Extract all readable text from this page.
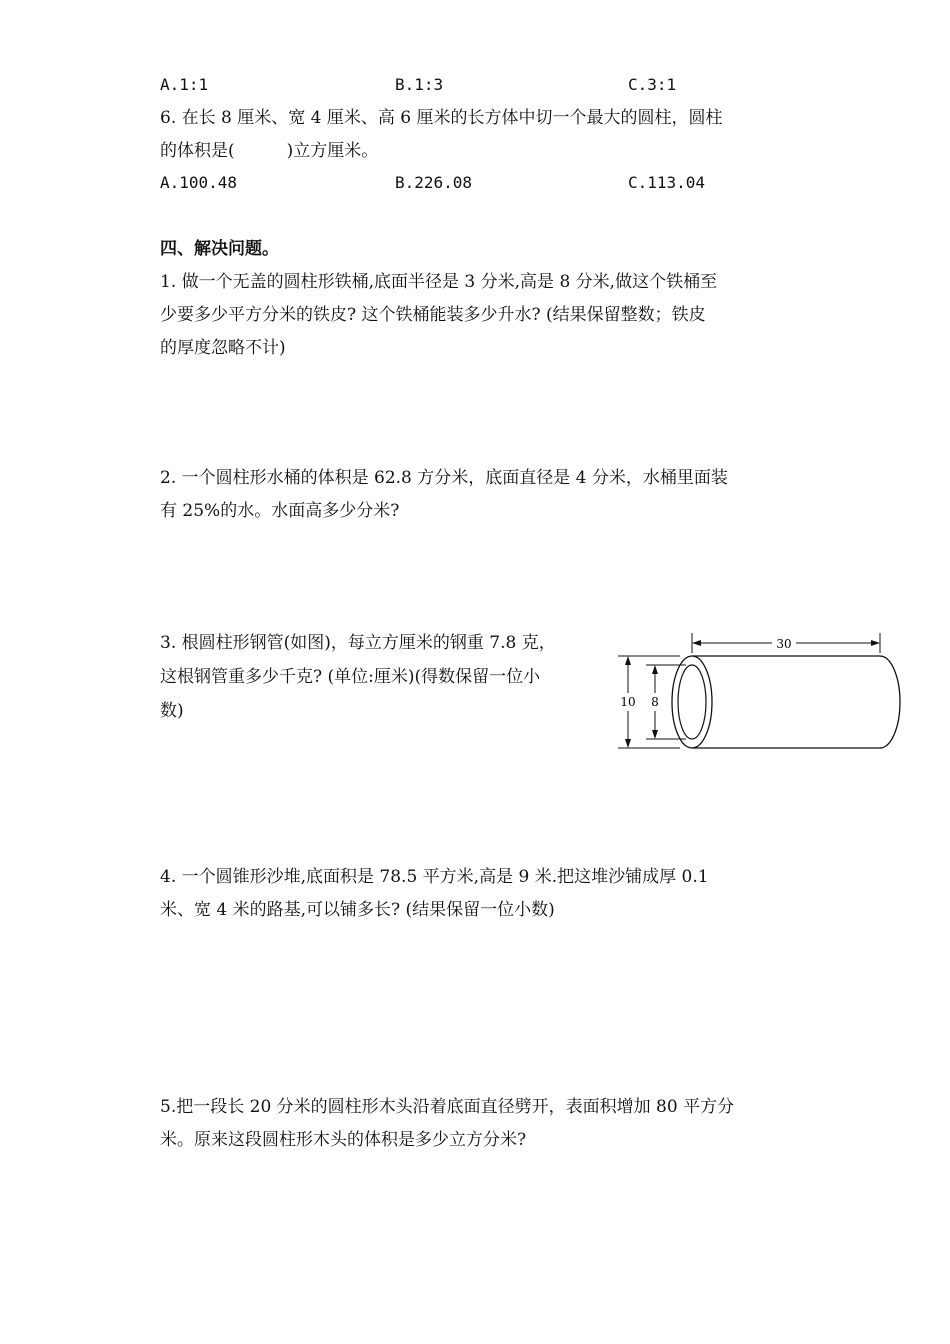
A.1:1	B.1:3	C.3:1
6. 在长 8 厘米、宽 4 厘米、高 6 厘米的长方体中切一个最大的圆柱，圆柱
的体积是(	)立方厘米。
A.100.48	B.226.08	C.113.04
四、解决问题。
1. 做一个无盖的圆柱形铁桶,底面半径是 3 分米,高是 8 分米,做这个铁桶至
少要多少平方分米的铁皮? 这个铁桶能装多少升水? (结果保留整数；铁皮
的厚度忽略不计)
2. 一个圆柱形水桶的体积是 62.8 方分米，底面直径是 4 分米，水桶里面装
有 25%的水。水面高多少分米?
3. 根圆柱形钢管(如图)，每立方厘米的钢重 7.8 克，
这根钢管重多少千克? (单位:厘米)(得数保留一位小
数)
30
10 8
4. 一个圆锥形沙堆,底面积是 78.5 平方米,高是 9 米.把这堆沙铺成厚 0.1
米、宽 4 米的路基,可以铺多长? (结果保留一位小数)
5.把一段长 20 分米的圆柱形木头沿着底面直径劈开，表面积增加 80 平方分
米。原来这段圆柱形木头的体积是多少立方分米?
